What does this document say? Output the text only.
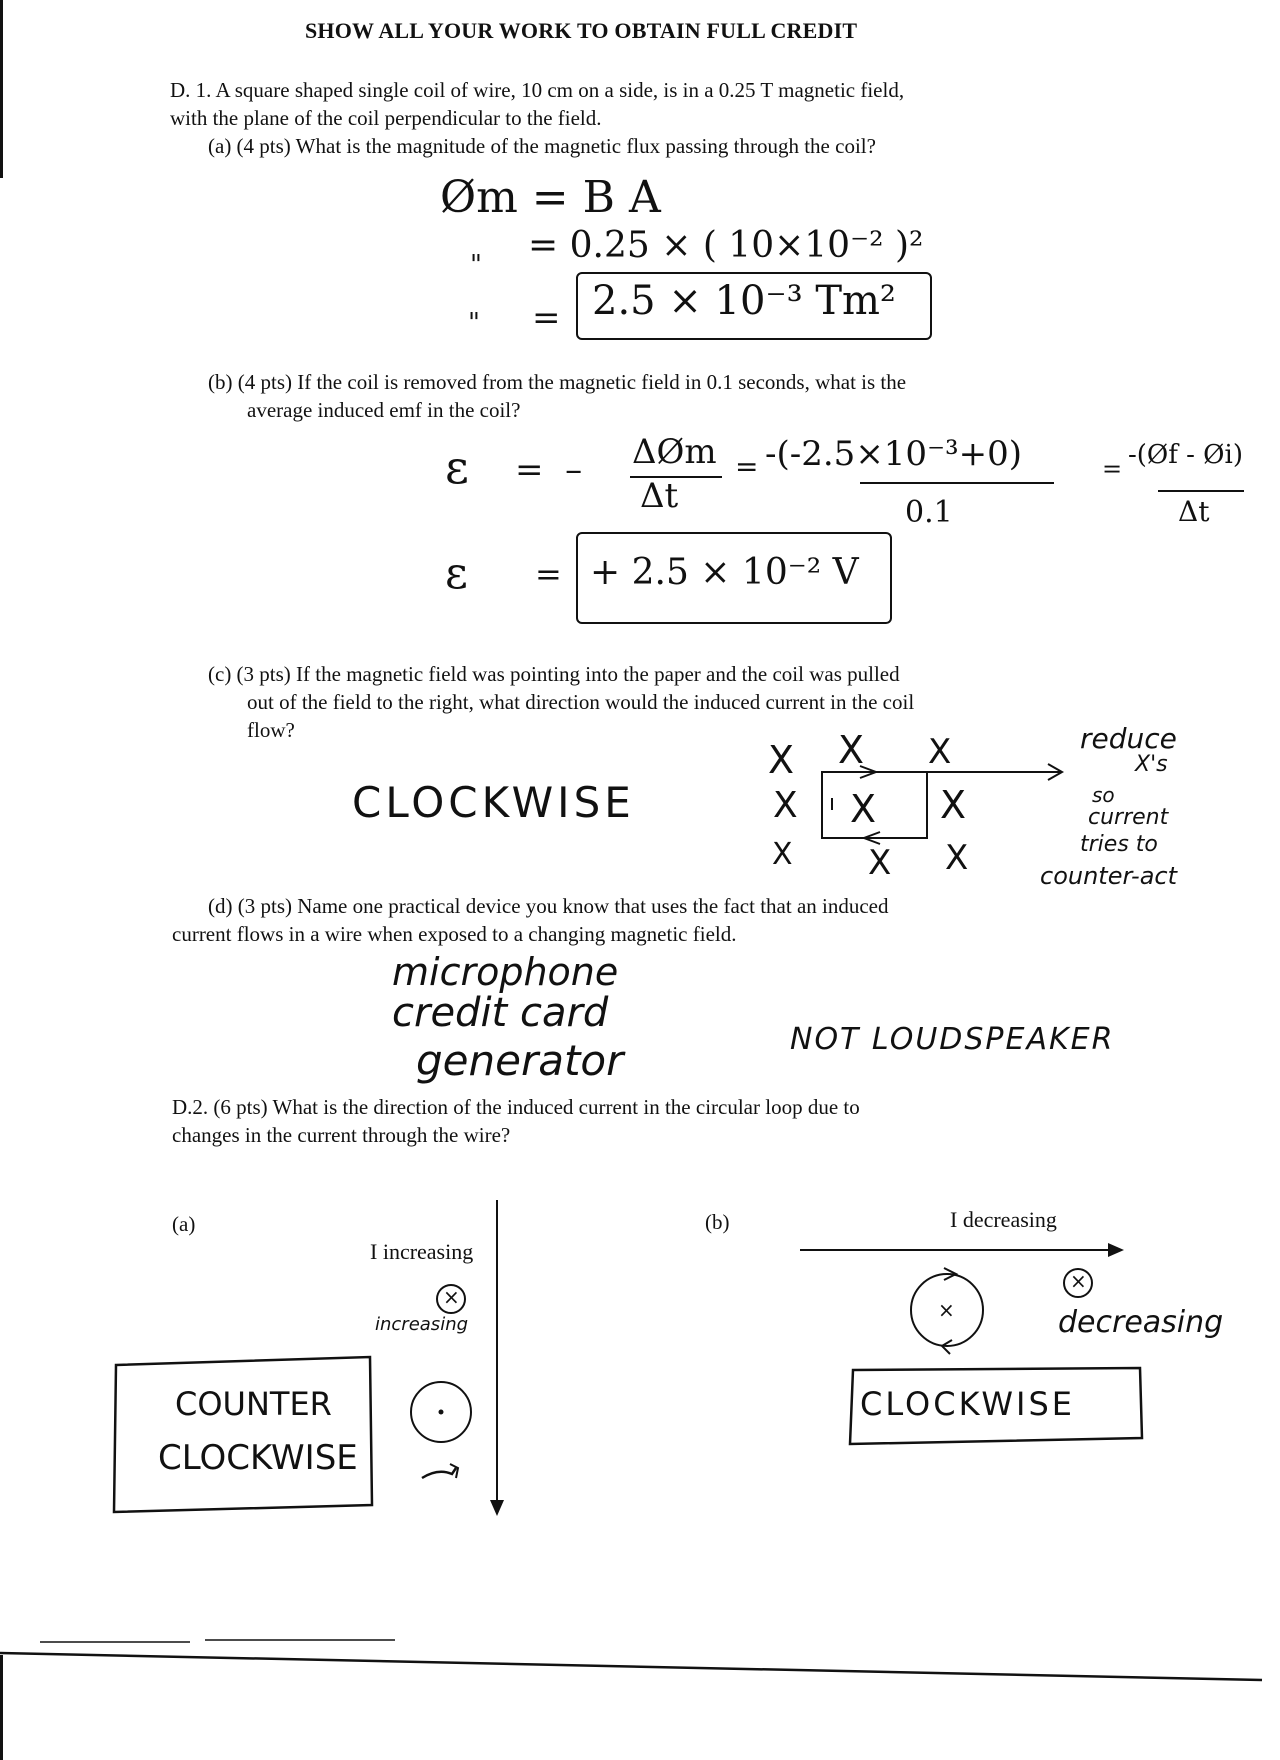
SHOW ALL YOUR WORK TO OBTAIN FULL CREDIT
D. 1. A square shaped single coil of wire, 10 cm on a side, is in a 0.25 T magnetic field,
with the plane of the coil perpendicular to the field.
(a) (4 pts) What is the magnitude of the magnetic flux passing through the coil?
Øm = B A
" = 0.25 × ( 10×10⁻² )²
" = 2.5 × 10⁻³ Tm²
(b) (4 pts) If the coil is removed from the magnetic field in 0.1 seconds, what is the
average induced emf in the coil?
ε =  – ΔØm
Δt
= -(-2.5×10⁻³+0)
0.1
= -(Øf - Øi)
Δt
ε = + 2.5 × 10⁻² V
(c) (3 pts) If the magnetic field was pointing into the paper and the coil was pulled
out of the field to the right, what direction would the induced current in the coil
flow?
CLOCKWISE
X X X
X X X
X X X
reduce
X's
so
current
tries to
counter-act
(d) (3 pts) Name one practical device you know that uses the fact that an induced
current flows in a wire when exposed to a changing magnetic field.
microphone
credit card
generator	NOT LOUDSPEAKER
D.2. (6 pts) What is the direction of the induced current in the circular loop due to
changes in the current through the wire?
(a)
I increasing
×
increasing
COUNTER
CLOCKWISE
(b)	I decreasing
×
×
decreasing
CLOCKWISE
